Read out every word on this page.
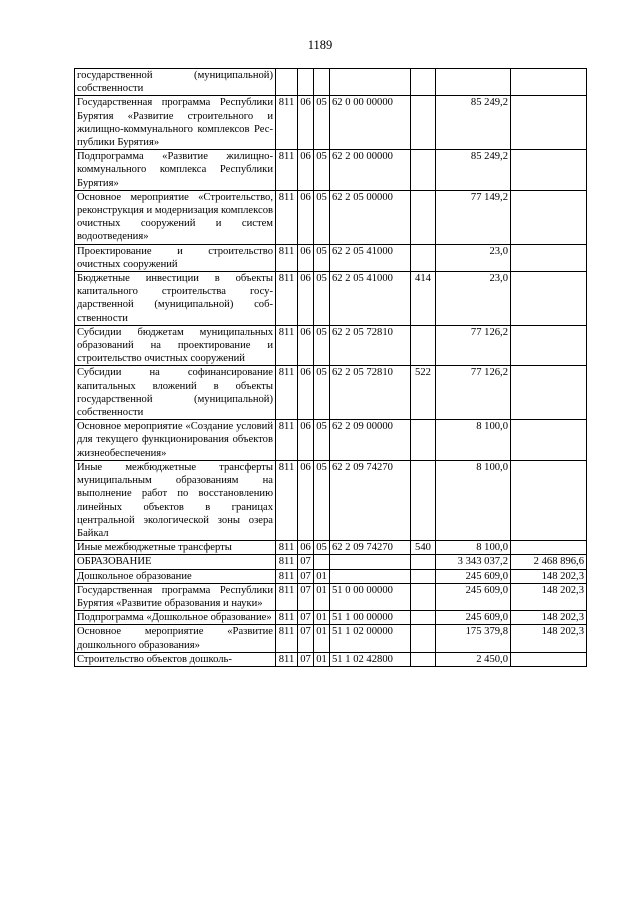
1189
государственной (муниципальной) собственности							
Государственная программа Республики Бурятия «Развитие строительного и жилищно-коммунального комплексов Республики Бурятия»	811	06	05	62 0 00 00000		85 249,2	
Подпрограмма «Развитие жилищно-коммунального комплекса Республики Бурятия»	811	06	05	62 2 00 00000		85 249,2	
Основное мероприятие «Строительство, реконструкция и модернизация комплексов очистных сооружений и систем водоотведения»	811	06	05	62 2 05 00000		77 149,2	
Проектирование и строительство очистных сооружений	811	06	05	62 2 05 41000		23,0	
Бюджетные инвестиции в объекты капитального строительства государственной (муниципальной) собственности	811	06	05	62 2 05 41000	414	23,0	
Субсидии бюджетам муниципальных образований на проектирование и строительство очистных сооружений	811	06	05	62 2 05 72810		77 126,2	
Субсидии на софинансирование капитальных вложений в объекты государственной (муниципальной) собственности	811	06	05	62 2 05 72810	522	77 126,2	
Основное мероприятие «Создание условий для текущего функционирования объектов жизнеобеспечения»	811	06	05	62 2 09 00000		8 100,0	
Иные межбюджетные трансферты муниципальным образованиям на выполнение работ по восстановлению линейных объектов в границах центральной экологической зоны озера Байкал	811	06	05	62 2 09 74270		8 100,0	
Иные межбюджетные трансферты	811	06	05	62 2 09 74270	540	8 100,0	
ОБРАЗОВАНИЕ	811	07				3 343 037,2	2 468 896,6
Дошкольное образование	811	07	01			245 609,0	148 202,3
Государственная программа Республики Бурятия «Развитие образования и науки»	811	07	01	51 0 00 00000		245 609,0	148 202,3
Подпрограмма «Дошкольное образование»	811	07	01	51 1 00 00000		245 609,0	148 202,3
Основное мероприятие «Развитие дошкольного образования»	811	07	01	51 1 02 00000		175 379,8	148 202,3
Строительство объектов дошколь-	811	07	01	51 1 02 42800		2 450,0	
